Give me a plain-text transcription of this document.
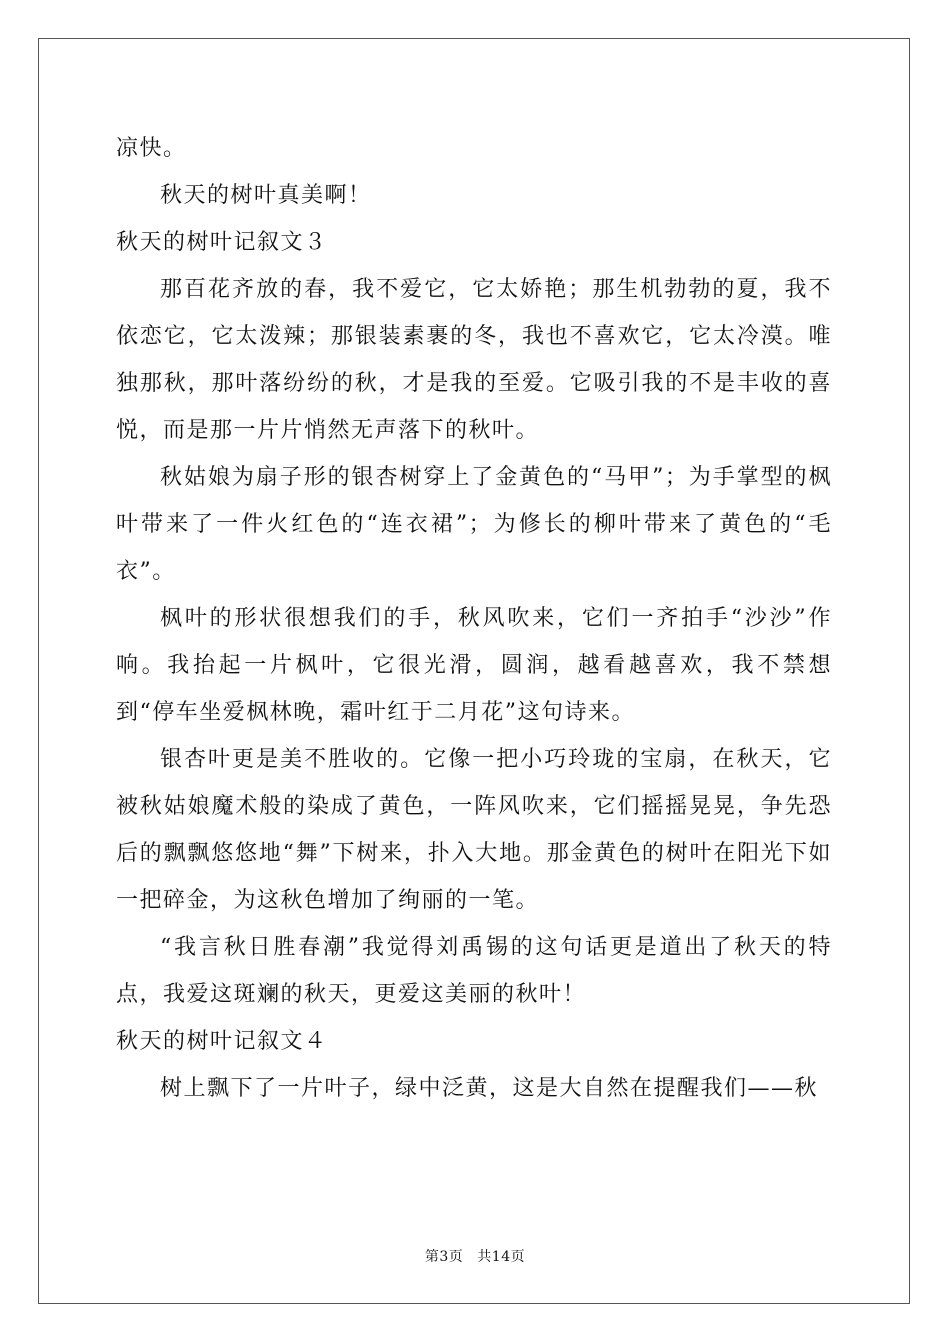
凉快。

秋天的树叶真美啊！

秋天的树叶记叙文３

那百花齐放的春，我不爱它，它太娇艳；那生机勃勃的夏，我不依恋它，它太泼辣；那银装素裹的冬，我也不喜欢它，它太冷漠。唯独那秋，那叶落纷纷的秋，才是我的至爱。它吸引我的不是丰收的喜悦，而是那一片片悄然无声落下的秋叶。

秋姑娘为扇子形的银杏树穿上了金黄色的“马甲”；为手掌型的枫叶带来了一件火红色的“连衣裙”；为修长的柳叶带来了黄色的“毛衣”。

枫叶的形状很想我们的手，秋风吹来，它们一齐拍手“沙沙”作响。我抬起一片枫叶，它很光滑，圆润，越看越喜欢，我不禁想到“停车坐爱枫林晚，霜叶红于二月花”这句诗来。

银杏叶更是美不胜收的。它像一把小巧玲珑的宝扇，在秋天，它被秋姑娘魔术般的染成了黄色，一阵风吹来，它们摇摇晃晃，争先恐后的飘飘悠悠地“舞”下树来，扑入大地。那金黄色的树叶在阳光下如一把碎金，为这秋色增加了绚丽的一笔。

“我言秋日胜春潮”我觉得刘禹锡的这句话更是道出了秋天的特点，我爱这斑斓的秋天，更爱这美丽的秋叶！

秋天的树叶记叙文４

树上飘下了一片叶子，绿中泛黄，这是大自然在提醒我们——秋

第3页 共14页
